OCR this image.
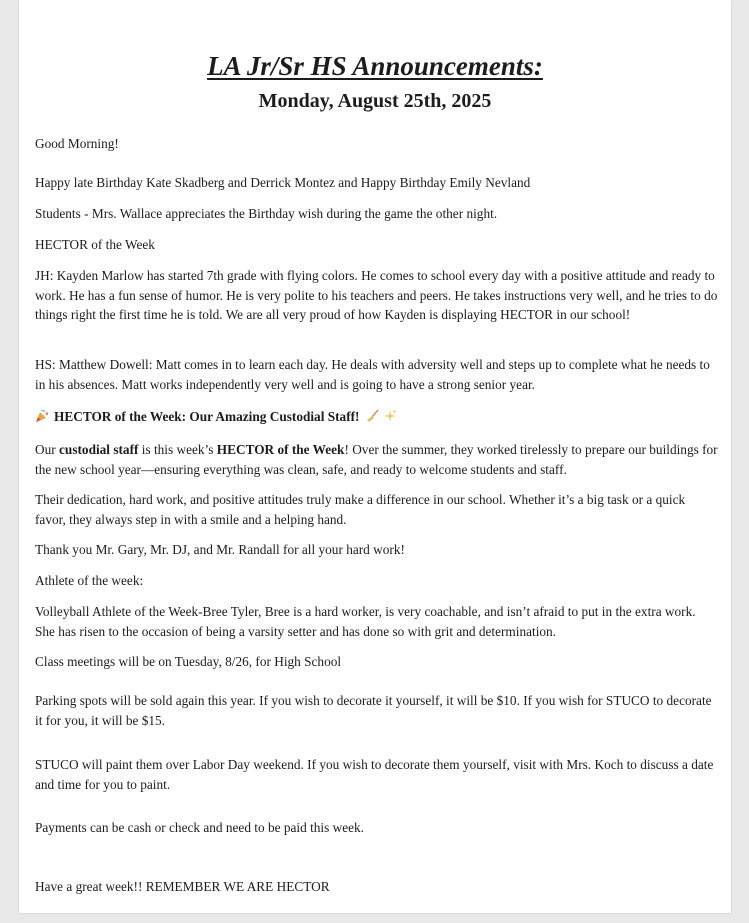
LA Jr/Sr HS Announcements:
Monday, August 25th, 2025

Good Morning!

Happy late Birthday Kate Skadberg and Derrick Montez and Happy Birthday Emily Nevland

Students - Mrs. Wallace appreciates the Birthday wish during the game the other night.

HECTOR of the Week

JH: Kayden Marlow has started 7th grade with flying colors. He comes to school every day with a positive attitude and ready to work. He has a fun sense of humor. He is very polite to his teachers and peers. He takes instructions very well, and he tries to do things right the first time he is told. We are all very proud of how Kayden is displaying HECTOR in our school!

HS: Matthew Dowell: Matt comes in to learn each day. He deals with adversity well and steps up to complete what he needs to in his absences. Matt works independently very well and is going to have a strong senior year.

HECTOR of the Week: Our Amazing Custodial Staff!

Our custodial staff is this week’s HECTOR of the Week! Over the summer, they worked tirelessly to prepare our buildings for the new school year—ensuring everything was clean, safe, and ready to welcome students and staff.

Their dedication, hard work, and positive attitudes truly make a difference in our school. Whether it’s a big task or a quick favor, they always step in with a smile and a helping hand.

Thank you Mr. Gary, Mr. DJ, and Mr. Randall for all your hard work!

Athlete of the week:

Volleyball Athlete of the Week-Bree Tyler, Bree is a hard worker, is very coachable, and isn’t afraid to put in the extra work. She has risen to the occasion of being a varsity setter and has done so with grit and determination.

Class meetings will be on Tuesday, 8/26, for High School

Parking spots will be sold again this year. If you wish to decorate it yourself, it will be $10. If you wish for STUCO to decorate it for you, it will be $15.

STUCO will paint them over Labor Day weekend. If you wish to decorate them yourself, visit with Mrs. Koch to discuss a date and time for you to paint.

Payments can be cash or check and need to be paid this week.

Have a great week!! REMEMBER WE ARE HECTOR
